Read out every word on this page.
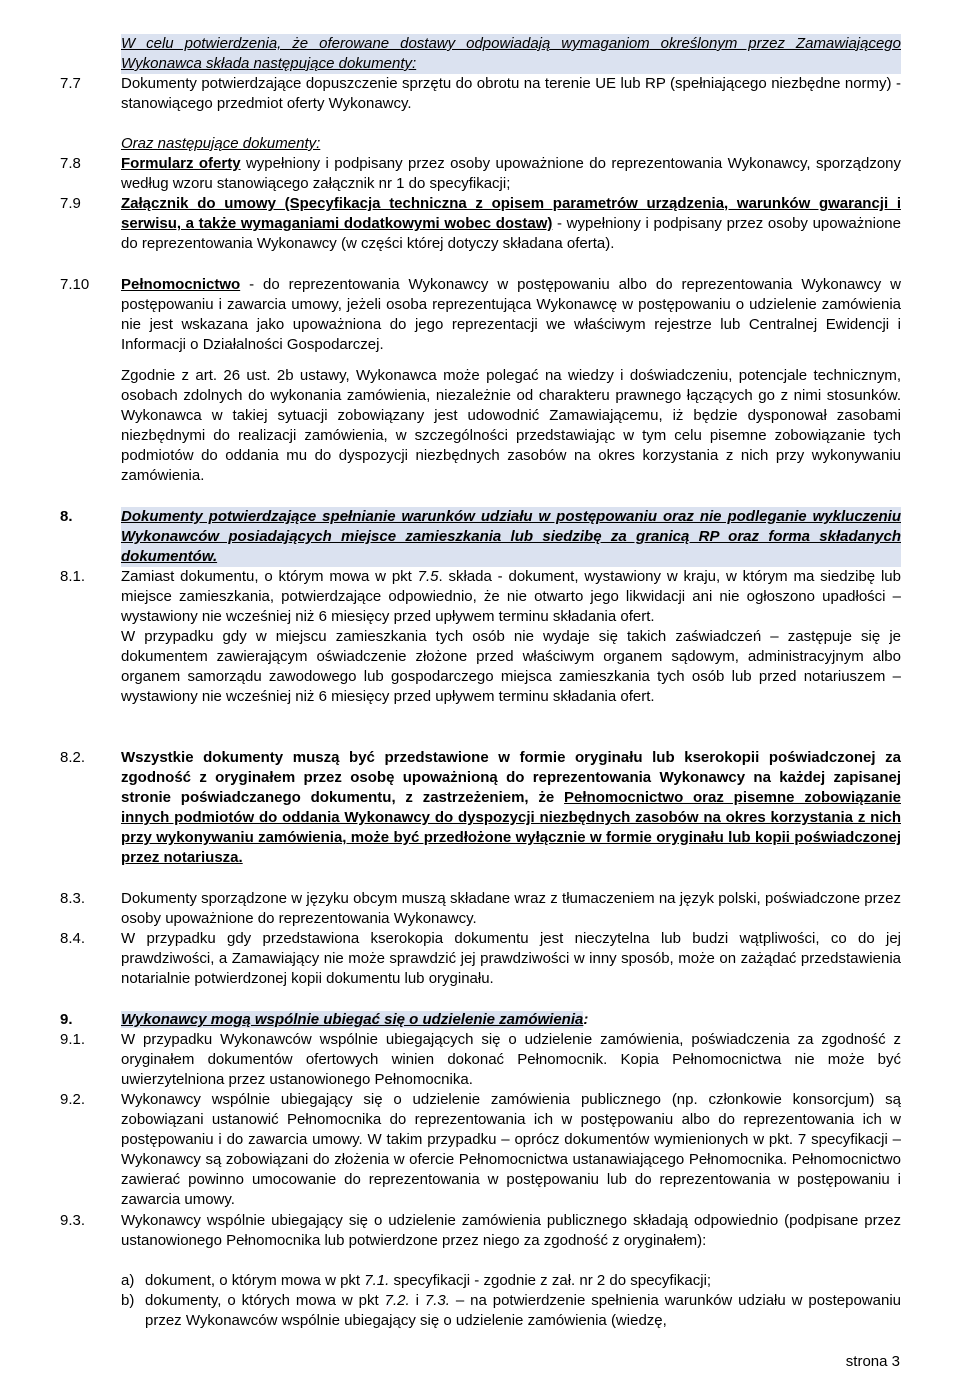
W celu potwierdzenia, że oferowane dostawy odpowiadają wymaganiom określonym przez Zamawiającego Wykonawca składa następujące dokumenty:
7.7	Dokumenty potwierdzające dopuszczenie sprzętu do obrotu na terenie UE lub RP (spełniającego niezbędne normy) - stanowiącego przedmiot oferty Wykonawcy.
Oraz następujące dokumenty:
7.8	Formularz oferty wypełniony i podpisany przez osoby upoważnione do reprezentowania Wykonawcy, sporządzony według wzoru stanowiącego załącznik nr 1 do specyfikacji;
7.9	Załącznik do umowy (Specyfikacja techniczna z opisem parametrów urządzenia, warunków gwarancji i serwisu, a także wymaganiami dodatkowymi wobec dostaw) - wypełniony i podpisany przez osoby upoważnione do reprezentowania Wykonawcy (w części której dotyczy składana oferta).
7.10 Pełnomocnictwo - do reprezentowania Wykonawcy w postępowaniu albo do reprezentowania Wykonawcy w postępowaniu i zawarcia umowy, jeżeli osoba reprezentująca Wykonawcę w postępowaniu o udzielenie zamówienia nie jest wskazana jako upoważniona do jego reprezentacji we właściwym rejestrze lub Centralnej Ewidencji i Informacji o Działalności Gospodarczej.
Zgodnie z art. 26 ust. 2b ustawy, Wykonawca może polegać na wiedzy i doświadczeniu, potencjale technicznym, osobach zdolnych do wykonania zamówienia, niezależnie od charakteru prawnego łączących go z nimi stosunków. Wykonawca w takiej sytuacji zobowiązany jest udowodnić Zamawiającemu, iż będzie dysponował zasobami niezbędnymi do realizacji zamówienia, w szczególności przedstawiając w tym celu pisemne zobowiązanie tych podmiotów do oddania mu do dyspozycji niezbędnych zasobów na okres korzystania z nich przy wykonywaniu zamówienia.
8.	Dokumenty potwierdzające spełnianie warunków udziału w postępowaniu oraz nie podleganie wykluczeniu Wykonawców posiadających miejsce zamieszkania lub siedzibę za granicą RP oraz forma składanych dokumentów.
8.1. Zamiast dokumentu, o którym mowa w pkt 7.5. składa - dokument, wystawiony w kraju, w którym ma siedzibę lub miejsce zamieszkania, potwierdzające odpowiednio, że nie otwarto jego likwidacji ani nie ogłoszono upadłości – wystawiony nie wcześniej niż 6 miesięcy przed upływem terminu składania ofert.

W przypadku gdy w miejscu zamieszkania tych osób nie wydaje się takich zaświadczeń – zastępuje się je dokumentem zawierającym oświadczenie złożone przed właściwym organem sądowym, administracyjnym albo organem samorządu zawodowego lub gospodarczego miejsca zamieszkania tych osób lub przed notariuszem – wystawiony nie wcześniej niż 6 miesięcy przed upływem terminu składania ofert.

8.2. Wszystkie dokumenty muszą być przedstawione w formie oryginału lub kserokopii poświadczonej za zgodność z oryginałem przez osobę upoważnioną do reprezentowania Wykonawcy na każdej zapisanej stronie poświadczanego dokumentu, z zastrzeżeniem, że Pełnomocnictwo oraz pisemne zobowiązanie innych podmiotów do oddania Wykonawcy do dyspozycji niezbędnych zasobów na okres korzystania z nich przy wykonywaniu zamówienia, może być przedłożone wyłącznie w formie oryginału lub kopii poświadczonej przez notariusza.
8.3. Dokumenty sporządzone w języku obcym muszą składane wraz z tłumaczeniem na język polski, poświadczone przez osoby upoważnione do reprezentowania Wykonawcy.
8.4. W przypadku gdy przedstawiona kserokopia dokumentu jest nieczytelna lub budzi wątpliwości, co do jej prawdziwości, a Zamawiający nie może sprawdzić jej prawdziwości w inny sposób, może on zażądać przedstawienia notarialnie potwierdzonej kopii dokumentu lub oryginału.
9.	Wykonawcy mogą wspólnie ubiegać się o udzielenie zamówienia:
9.1. W przypadku Wykonawców wspólnie ubiegających się o udzielenie zamówienia, poświadczenia za zgodność z oryginałem dokumentów ofertowych winien dokonać Pełnomocnik. Kopia Pełnomocnictwa nie może być uwierzytelniona przez ustanowionego Pełnomocnika.
9.2. Wykonawcy wspólnie ubiegający się o udzielenie zamówienia publicznego (np. członkowie konsorcjum) są zobowiązani ustanowić Pełnomocnika do reprezentowania ich w postępowaniu albo do reprezentowania ich w postępowaniu i do zawarcia umowy. W takim przypadku – oprócz dokumentów wymienionych w pkt. 7 specyfikacji – Wykonawcy są zobowiązani do złożenia w ofercie Pełnomocnictwa ustanawiającego Pełnomocnika. Pełnomocnictwo zawierać powinno umocowanie do reprezentowania w postępowaniu lub do reprezentowania w postępowaniu i zawarcia umowy.
9.3. Wykonawcy wspólnie ubiegający się o udzielenie zamówienia publicznego składają odpowiednio (podpisane przez ustanowionego Pełnomocnika lub potwierdzone przez niego za zgodność z oryginałem):
a) dokument, o którym mowa w pkt 7.1. specyfikacji - zgodnie z zał. nr 2 do specyfikacji;
b) dokumenty, o których mowa w pkt 7.2. i 7.3. – na potwierdzenie spełnienia warunków udziału w postepowaniu przez Wykonawców wspólnie ubiegający się o udzielenie zamówienia (wiedzę,
strona 3
